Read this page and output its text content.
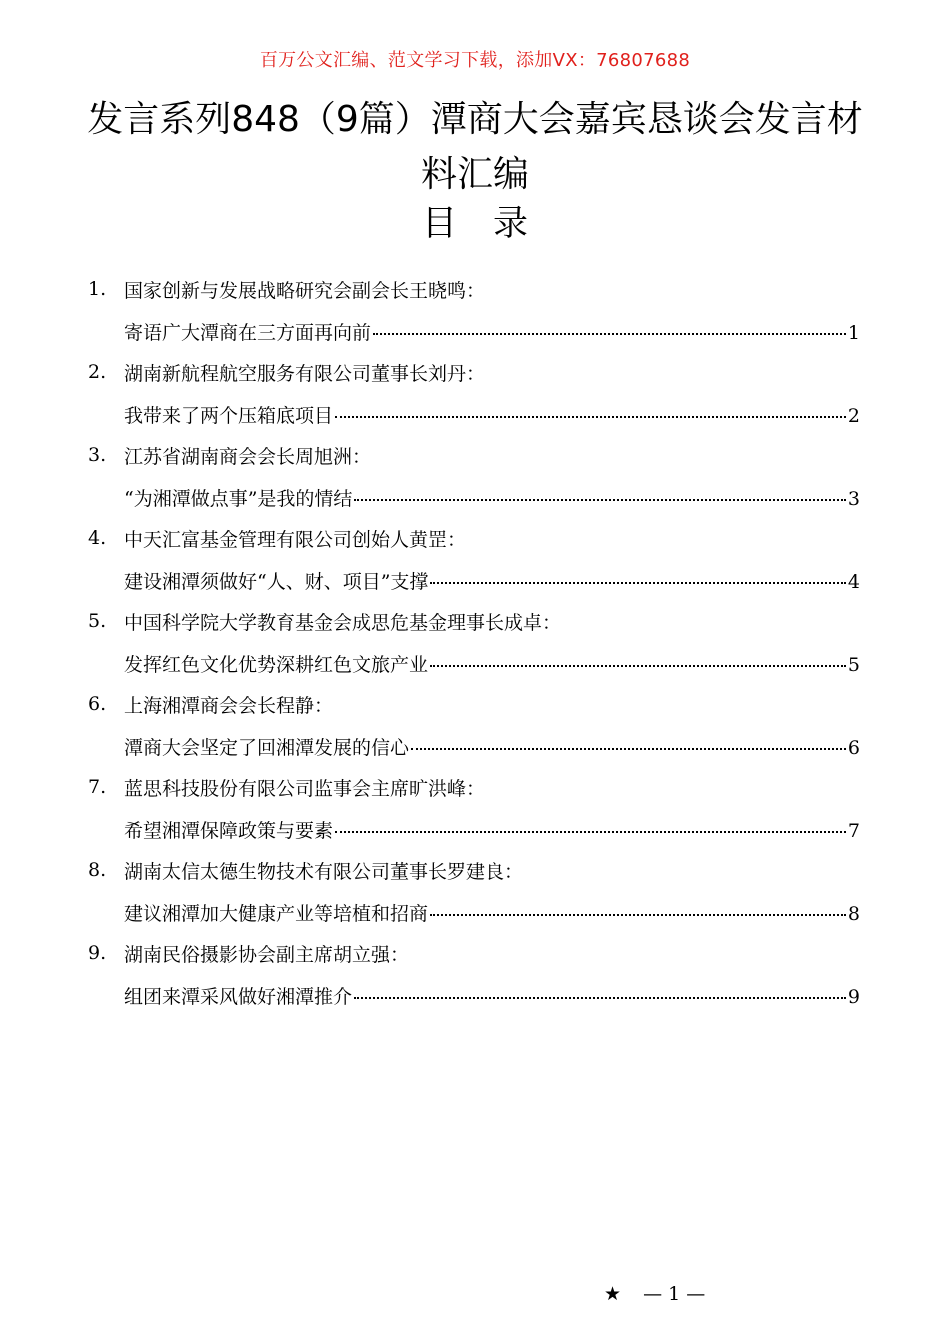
百万公文汇编、范文学习下载，添加VX：76807688
发言系列848（9篇）潭商大会嘉宾恳谈会发言材料汇编
目录
1. 国家创新与发展战略研究会副会长王晓鸣：
寄语广大潭商在三方面再向前	1
2. 湖南新航程航空服务有限公司董事长刘丹：
我带来了两个压箱底项目	2
3. 江苏省湖南商会会长周旭洲：
“为湘潭做点事”是我的情结	3
4. 中天汇富基金管理有限公司创始人黄罡：
建设湘潭须做好“人、财、项目”支撑	4
5. 中国科学院大学教育基金会成思危基金理事长成卓：
发挥红色文化优势深耕红色文旅产业	5
6. 上海湘潭商会会长程静：
潭商大会坚定了回湘潭发展的信心	6
7. 蓝思科技股份有限公司监事会主席旷洪峰：
希望湘潭保障政策与要素	7
8. 湖南太信太德生物技术有限公司董事长罗建良：
建议湘潭加大健康产业等培植和招商	8
9. 湖南民俗摄影协会副主席胡立强：
组团来潭采风做好湘潭推介	9
★ — 1 —
